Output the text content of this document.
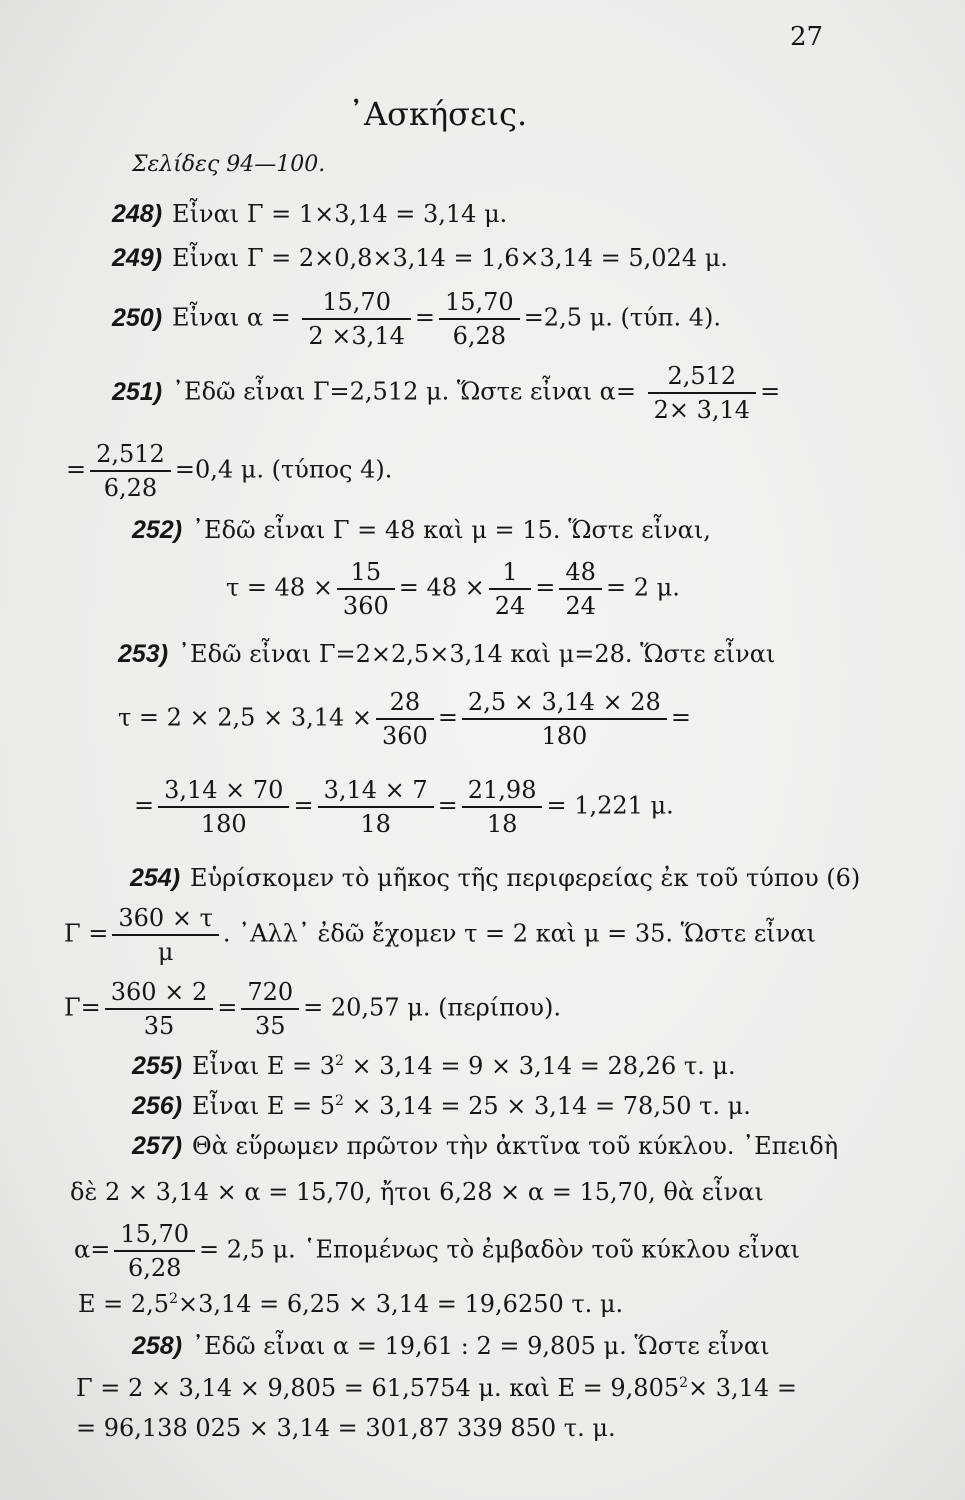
27
᾿Ασκήσεις.
Σελίδες 94—100.
248) Εἶναι Γ = 1×3,14 = 3,14 μ.
249) Εἶναι Γ = 2×0,8×3,14 = 1,6×3,14 = 5,024 μ.
250) Εἶναι $\alpha = \frac{15,70}{2 \times 3,14} = \frac{15,70}{6,28} =2,5$ μ. (τύπ. 4).
251) ᾿Εδῶ εἶναι Γ=2,512 μ. Ὥστε εἶναι $\alpha= \frac{2,512}{2\times 3,14}$ =
= $\frac{2,512}{6,28} =0,4$ μ. (τύπος 4).
252) ᾿Εδῶ εἶναι Γ = 48 καὶ μ = 15. Ὥστε εἶναι,
$\tau = 48 \times \frac{15}{360} = 48 \times \frac{1}{24} = \frac{48}{24} = 2$ μ.
253) ᾿Εδῶ εἶναι Γ=2×2,5×3,14 καὶ μ=28. Ὥστε εἶναι
$\tau = 2 \times 2,5 \times 3,14 \times \frac{28}{360} = \frac{2,5 \times 3,14 \times 28}{180}$ =
= $\frac{3,14 \times 70}{180} = \frac{3,14 \times 7}{18} = \frac{21,98}{18} = 1,221$ μ.
254) Εὑρίσκομεν τὸ μῆκος τῆς περιφερείας ἐκ τοῦ τύπου (6)
$\Gamma = \frac{360 \times \tau}{\mu}$ . ᾿Αλλ᾿ ἐδῶ ἔχομεν τ = 2 καὶ μ = 35. Ὥστε εἶναι
$\Gamma= \frac{360 \times 2}{35} = \frac{720}{35} = 20,57$ μ. (περίπου).
255) Εἶναι $E = 3^2 \times 3,14 = 9 \times 3,14 = 28,26$ τ. μ.
256) Εἶναι $E = 5^2 \times 3,14 = 25 \times 3,14 = 78,50$ τ. μ.
257) Θὰ εὕρωμεν πρῶτον τὴν ἀκτῖνα τοῦ κύκλου. ᾿Επειδὴ
δὲ 2 × 3,14 × α = 15,70, ἤτοι 6,28 × α = 15,70, θὰ εἶναι
$\alpha= \frac{15,70}{6,28} = 2,5$ μ. ῾Επομένως τὸ ἐμβαδὸν τοῦ κύκλου εἶναι
$E = 2,5^2\times 3,14 = 6,25 \times 3,14 = 19,6250$ τ. μ.
258) ᾿Εδῶ εἶναι α = 19,61 : 2 = 9,805 μ. Ὥστε εἶναι
Γ = 2 × 3,14 × 9,805 = 61,5754 μ. καὶ $E = 9,805^2\times 3,14$ =
= 96,138 025 × 3,14 = 301,87 339 850 τ. μ.
